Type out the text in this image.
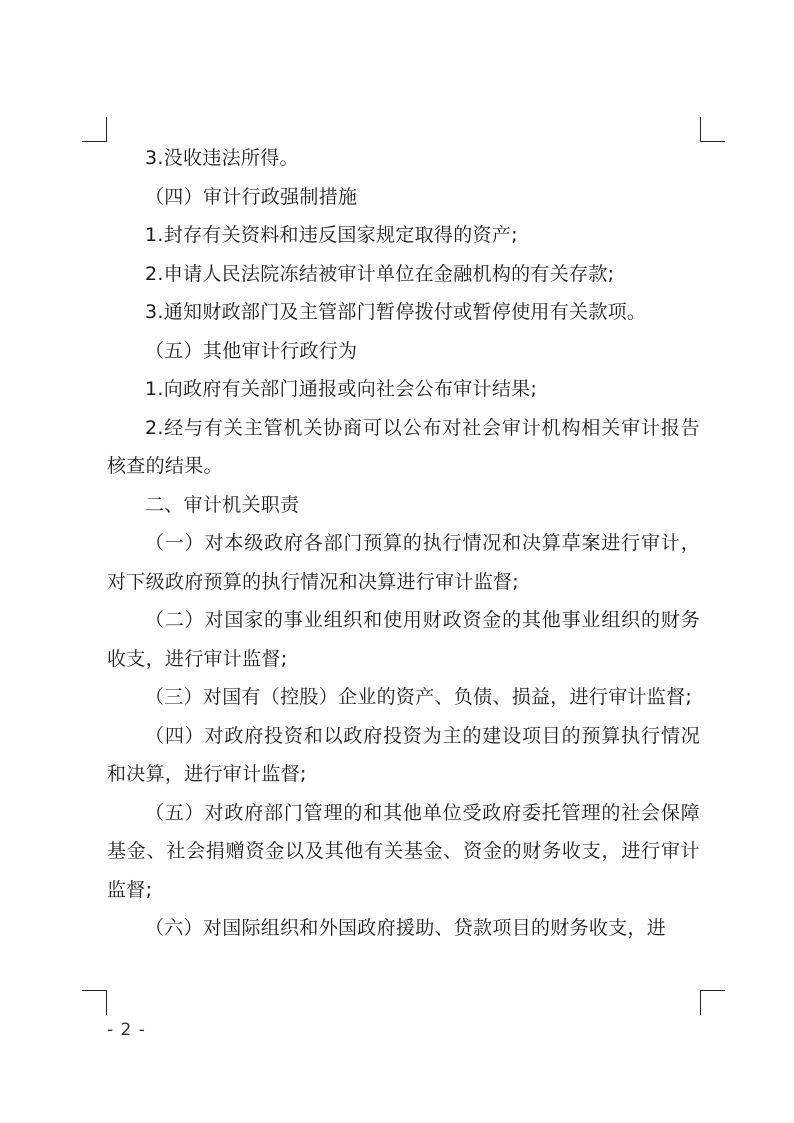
3.没收违法所得。

（四）审计行政强制措施

1.封存有关资料和违反国家规定取得的资产;

2.申请人民法院冻结被审计单位在金融机构的有关存款;

3.通知财政部门及主管部门暂停拨付或暂停使用有关款项。

（五）其他审计行政行为

1.向政府有关部门通报或向社会公布审计结果;

2.经与有关主管机关协商可以公布对社会审计机构相关审计报告核查的结果。

二、审计机关职责

（一）对本级政府各部门预算的执行情况和决算草案进行审计，对下级政府预算的执行情况和决算进行审计监督;

（二）对国家的事业组织和使用财政资金的其他事业组织的财务收支，进行审计监督;

（三）对国有（控股）企业的资产、负债、损益，进行审计监督;

（四）对政府投资和以政府投资为主的建设项目的预算执行情况和决算，进行审计监督;

（五）对政府部门管理的和其他单位受政府委托管理的社会保障基金、社会捐赠资金以及其他有关基金、资金的财务收支，进行审计监督;

（六）对国际组织和外国政府援助、贷款项目的财务收支，进

- 2 -
